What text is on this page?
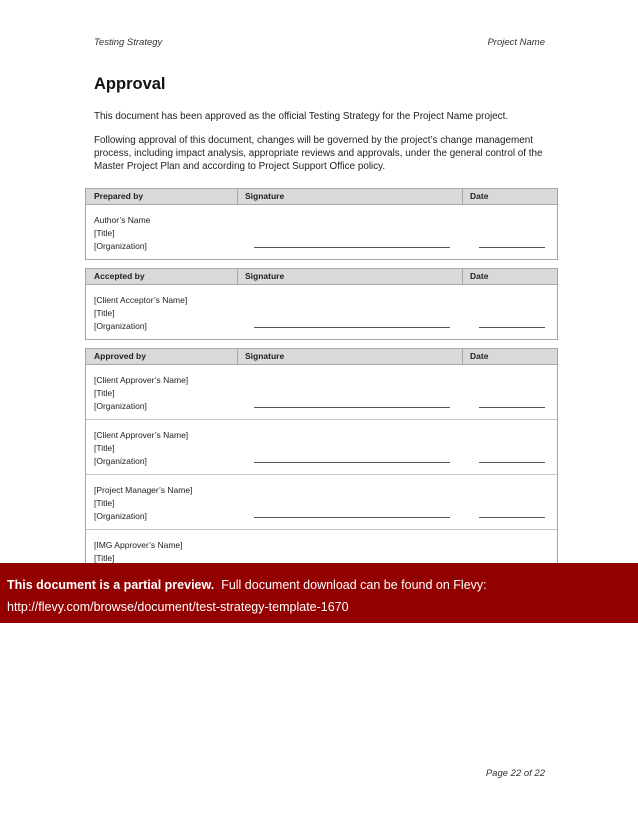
Testing Strategy	Project Name
Approval
This document has been approved as the official Testing Strategy for the Project Name project.
Following approval of this document, changes will be governed by the project’s change management process, including impact analysis, appropriate reviews and approvals, under the general control of the Master Project Plan and according to Project Support Office policy.
Prepared by	Signature	Date
Author’s Name
[Title]
[Organization]
Accepted by	Signature	Date
[Client Acceptor’s Name]
[Title]
[Organization]
Approved by	Signature	Date
[Client Approver’s Name]
[Title]
[Organization]
[Client Approver’s Name]
[Title]
[Organization]
[Project Manager’s Name]
[Title]
[Organization]
[IMG Approver’s Name]
[Title]
This document is a partial preview. Full document download can be found on Flevy:
http://flevy.com/browse/document/test-strategy-template-1670
Page 22 of 22
